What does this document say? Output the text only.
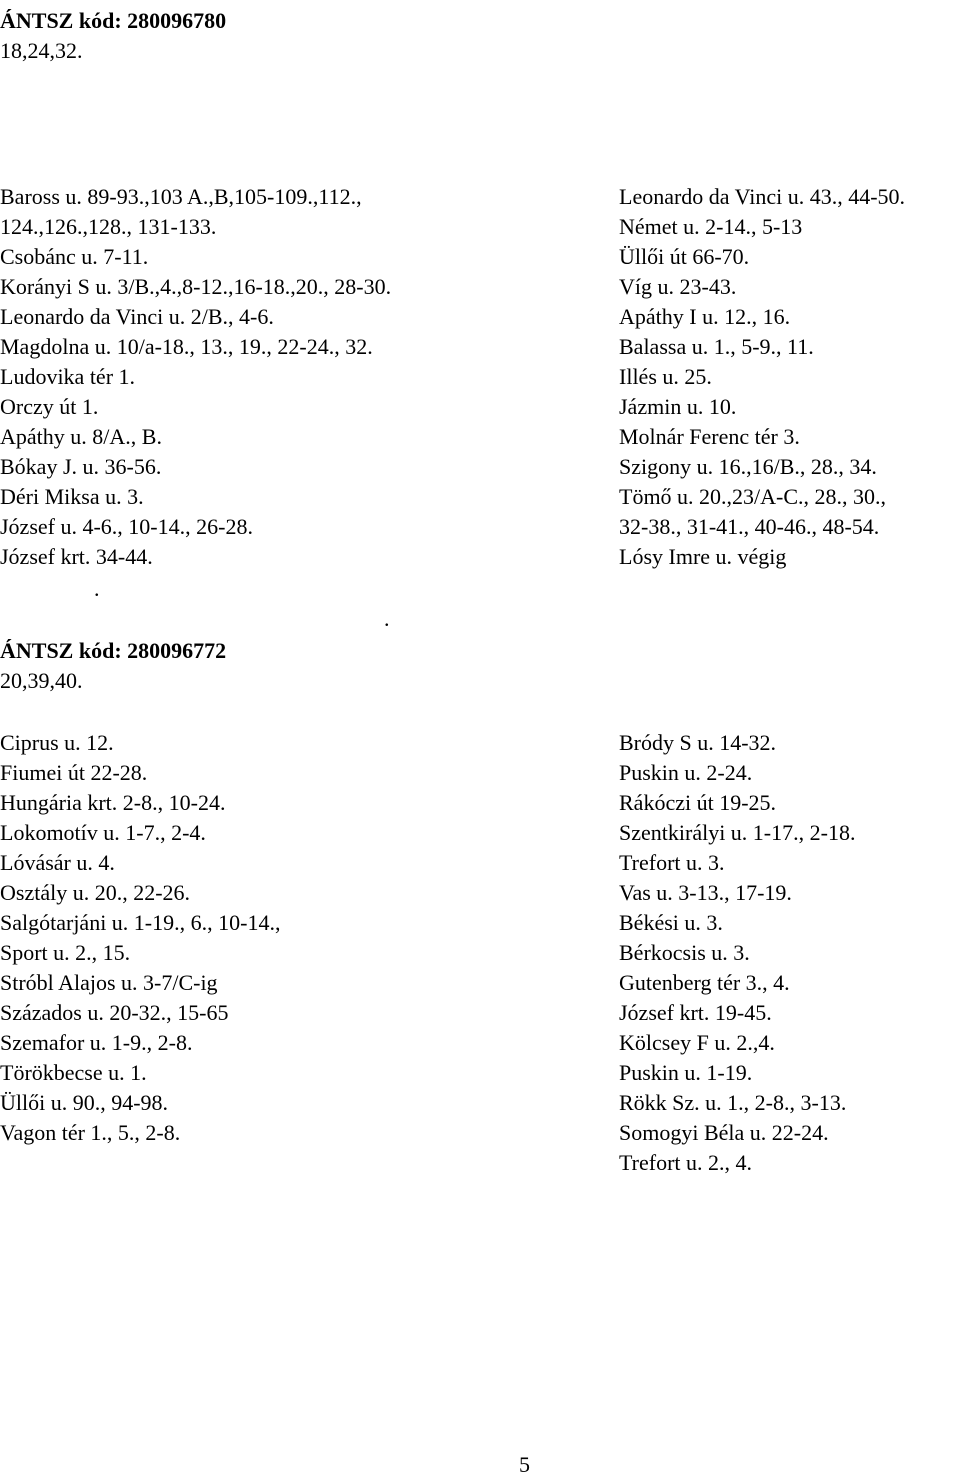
ÁNTSZ kód: 280096780
18,24,32.
Baross u. 89-93.,103 A.,B,105-109.,112.,
124.,126.,128., 131-133.
Csobánc u. 7-11.
Korányi S u. 3/B.,4.,8-12.,16-18.,20., 28-30.
Leonardo da Vinci u. 2/B., 4-6.
Magdolna u. 10/a-18., 13., 19., 22-24., 32.
Ludovika tér 1.
Orczy út 1.
Apáthy u. 8/A., B.
Bókay J. u. 36-56.
Déri Miksa u. 3.
József u. 4-6., 10-14., 26-28.
József krt. 34-44.
Leonardo da Vinci u. 43., 44-50.
Német u. 2-14., 5-13
Üllői út 66-70.
Víg u. 23-43.
Apáthy I u. 12., 16.
Balassa u. 1., 5-9., 11.
Illés u. 25.
Jázmin u. 10.
Molnár Ferenc tér 3.
Szigony u. 16.,16/B., 28., 34.
Tömő u. 20.,23/A-C., 28., 30.,
32-38., 31-41., 40-46., 48-54.
Lósy Imre u. végig
.
.
ÁNTSZ kód: 280096772
20,39,40.
Ciprus u. 12.
Fiumei út 22-28.
Hungária krt. 2-8., 10-24.
Lokomotív u. 1-7., 2-4.
Lóvásár u. 4.
Osztály u. 20., 22-26.
Salgótarjáni u. 1-19., 6., 10-14.,
Sport u. 2., 15.
Stróbl Alajos u. 3-7/C-ig
Százados u. 20-32., 15-65
Szemafor u. 1-9., 2-8.
Törökbecse u. 1.
Üllői u. 90., 94-98.
Vagon tér 1., 5., 2-8.
Bródy S u. 14-32.
Puskin u. 2-24.
Rákóczi út 19-25.
Szentkirályi u. 1-17., 2-18.
Trefort u. 3.
Vas u. 3-13., 17-19.
Békési u. 3.
Bérkocsis u. 3.
Gutenberg tér 3., 4.
József krt. 19-45.
Kölcsey F u. 2.,4.
Puskin u. 1-19.
Rökk Sz. u. 1., 2-8., 3-13.
Somogyi Béla u. 22-24.
Trefort u. 2., 4.
5
